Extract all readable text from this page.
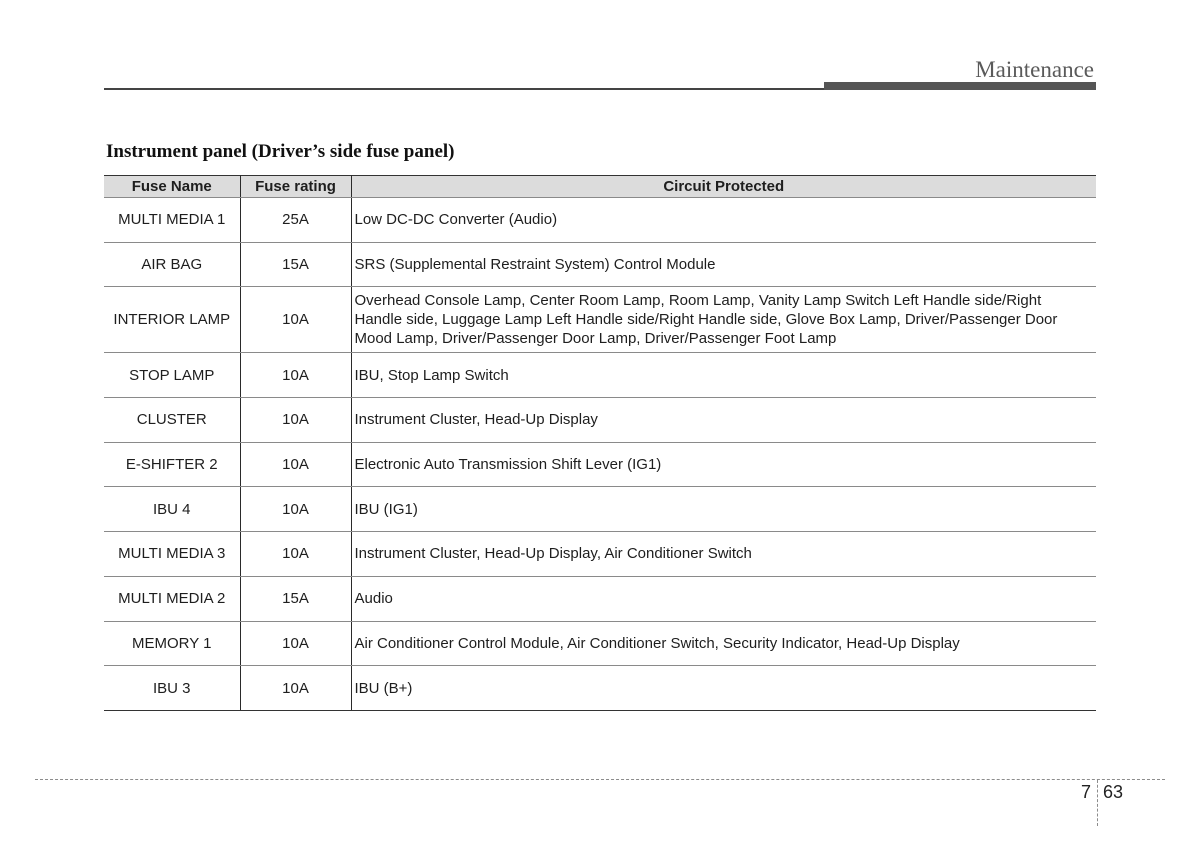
Maintenance
Instrument panel (Driver’s side fuse panel)
Fuse Name	Fuse rating	Circuit Protected
MULTI MEDIA 1	25A	Low DC-DC Converter (Audio)
AIR BAG	15A	SRS (Supplemental Restraint System) Control Module
INTERIOR LAMP	10A	Overhead Console Lamp, Center Room Lamp, Room Lamp, Vanity Lamp Switch Left Handle side/Right
Handle side, Luggage Lamp Left Handle side/Right Handle side, Glove Box Lamp, Driver/Passenger Door
Mood Lamp, Driver/Passenger Door Lamp, Driver/Passenger Foot Lamp
STOP LAMP	10A	IBU, Stop Lamp Switch
CLUSTER	10A	Instrument Cluster, Head-Up Display
E-SHIFTER 2	10A	Electronic Auto Transmission Shift Lever (IG1)
IBU 4	10A	IBU (IG1)
MULTI MEDIA 3	10A	Instrument Cluster, Head-Up Display, Air Conditioner Switch
MULTI MEDIA 2	15A	Audio
MEMORY 1	10A	Air Conditioner Control Module, Air Conditioner Switch, Security Indicator, Head-Up Display
IBU 3	10A	IBU (B+)
7 63
